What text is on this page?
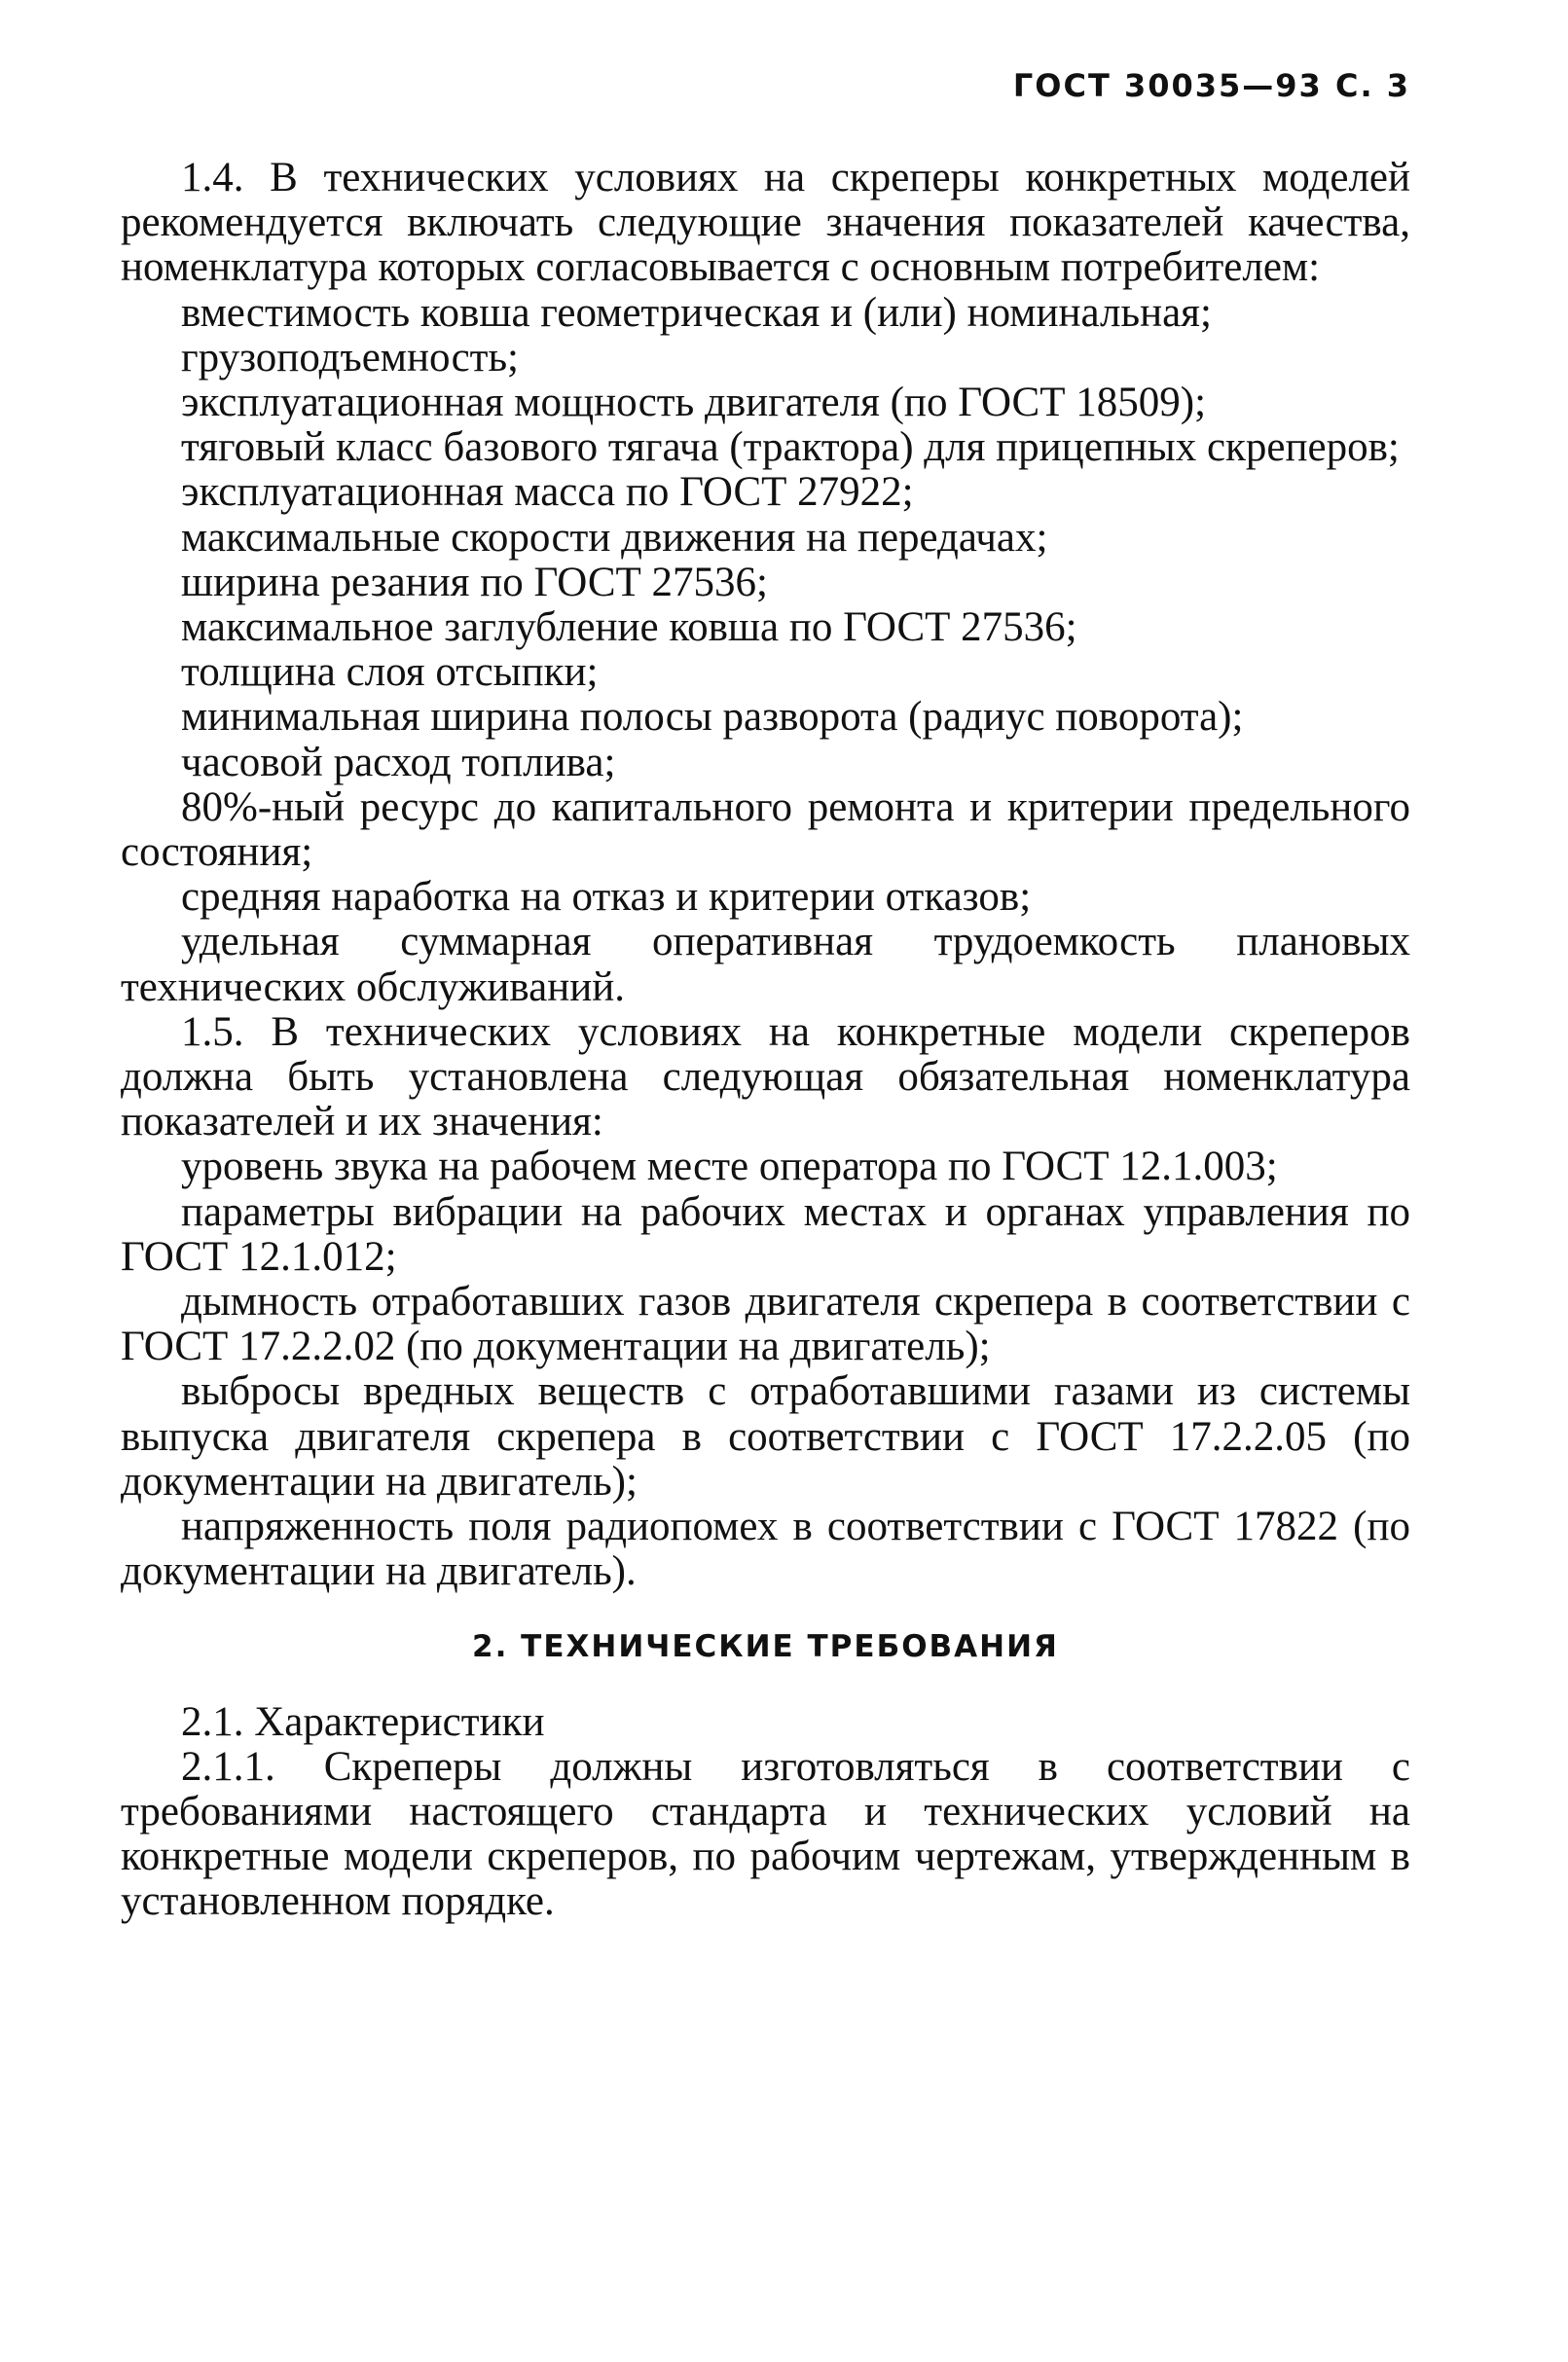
ГОСТ 30035—93 С. 3

1.4. В технических условиях на скреперы конкретных моделей рекомендуется включать следующие значения показателей качества, номенклатура которых согласовывается с основным потребителем:

вместимость ковша геометрическая и (или) номинальная;

грузоподъемность;

эксплуатационная мощность двигателя (по ГОСТ 18509);

тяговый класс базового тягача (трактора) для прицепных скреперов;

эксплуатационная масса по ГОСТ 27922;

максимальные скорости движения на передачах;

ширина резания по ГОСТ 27536;

максимальное заглубление ковша по ГОСТ 27536;

толщина слоя отсыпки;

минимальная ширина полосы разворота (радиус поворота);

часовой расход топлива;

80%-ный ресурс до капитального ремонта и критерии предельного состояния;

средняя наработка на отказ и критерии отказов;

удельная суммарная оперативная трудоемкость плановых технических обслуживаний.

1.5. В технических условиях на конкретные модели скреперов должна быть установлена следующая обязательная номенклатура показателей и их значения:

уровень звука на рабочем месте оператора по ГОСТ 12.1.003;

параметры вибрации на рабочих местах и органах управления по ГОСТ 12.1.012;

дымность отработавших газов двигателя скрепера в соответствии с ГОСТ 17.2.2.02 (по документации на двигатель);

выбросы вредных веществ с отработавшими газами из системы выпуска двигателя скрепера в соответствии с ГОСТ 17.2.2.05 (по документации на двигатель);

напряженность поля радиопомех в соответствии с ГОСТ 17822 (по документации на двигатель).

2. ТЕХНИЧЕСКИЕ ТРЕБОВАНИЯ

2.1. Характеристики

2.1.1. Скреперы должны изготовляться в соответствии с требованиями настоящего стандарта и технических условий на конкретные модели скреперов, по рабочим чертежам, утвержденным в установленном порядке.
